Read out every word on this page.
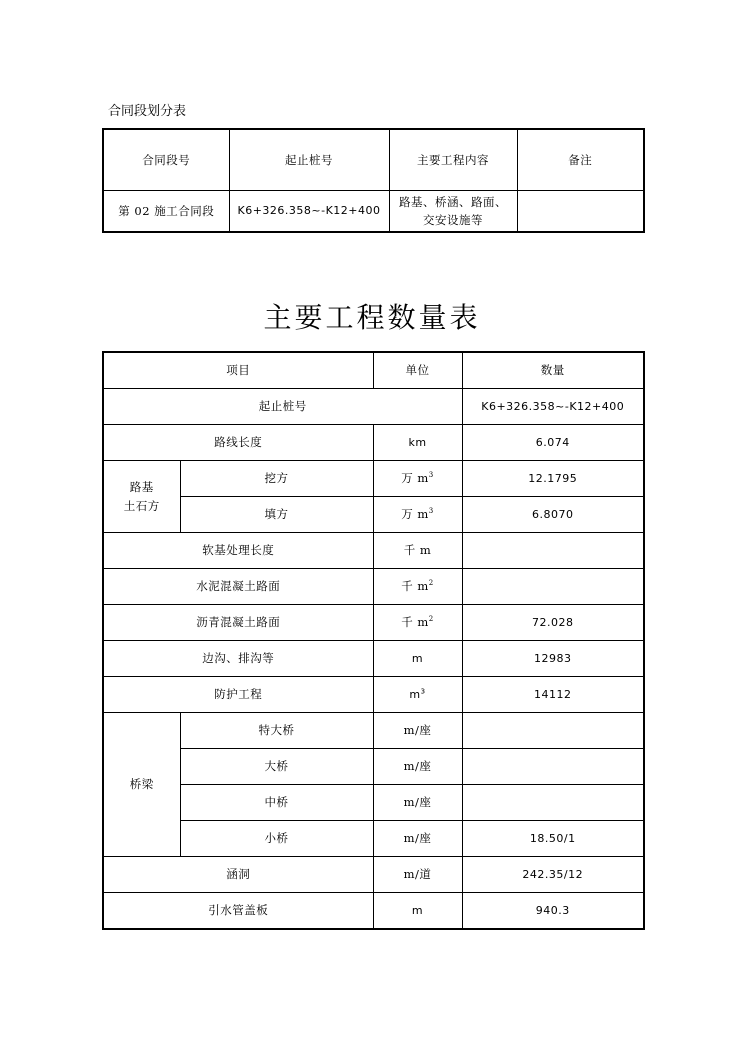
合同段划分表
合同段号	起止桩号	主要工程内容	备注
第 02 施工合同段	K6+326.358~-K12+400	路基、桥涵、路面、
交安设施等	

主要工程数量表
项目		单位	数量
起止桩号			K6+326.358~-K12+400
路线长度		km	6.074

路基
土石方	挖方	万 $m^3$	12.1795
	填方	万 $m^3$	6.8070
软基处理长度		千 m	
水泥混凝土路面		千 $m^2$	
沥青混凝土路面		千 $m^2$	72.028
边沟、排沟等		m	12983
防护工程		$m^3$	14112
桥梁	特大桥	m/座	
	大桥	m/座	
	中桥	m/座	
	小桥	m/座	18.50/1
涵洞		m/道	242.35/12
引水管盖板		m	940.3
